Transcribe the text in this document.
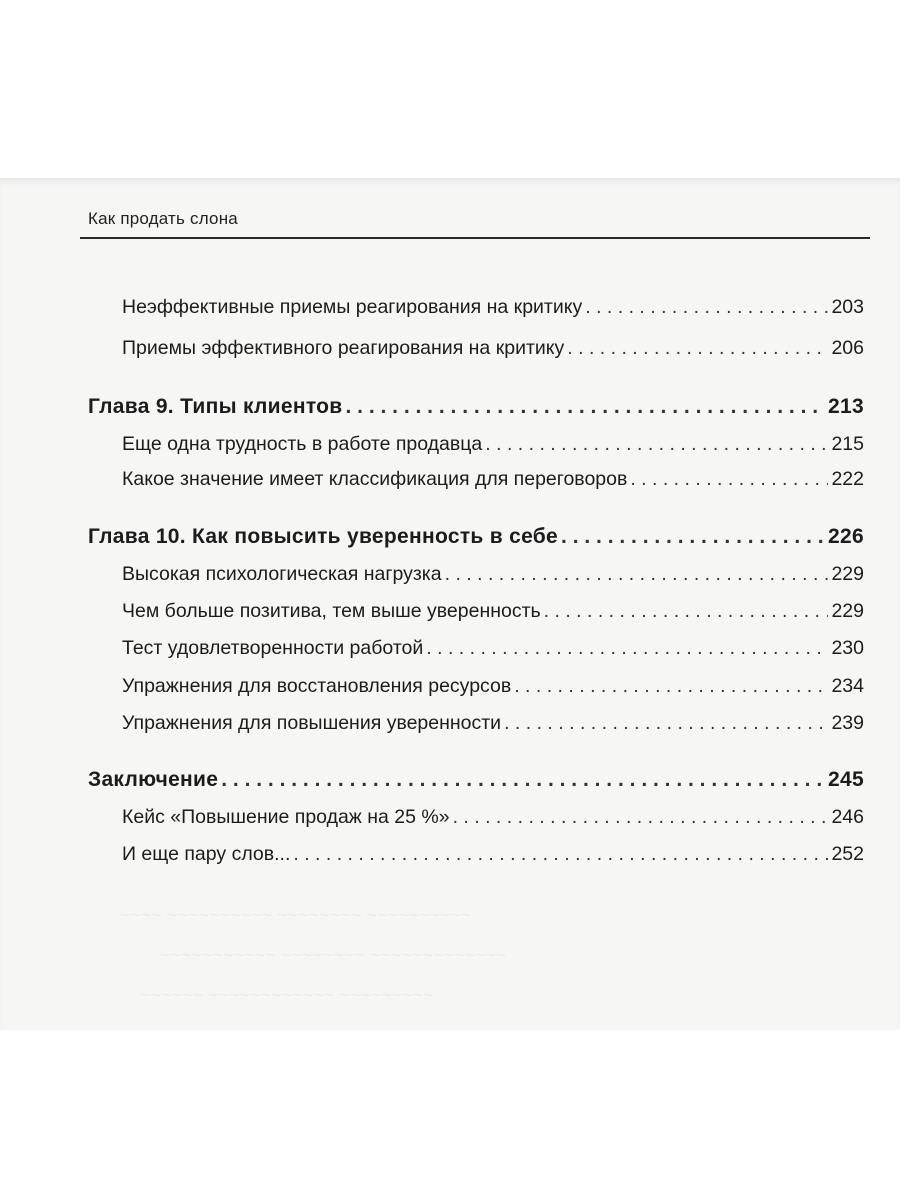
Как продать слона
Неэффективные приемы реагирования на критику . . .	203
Приемы эффективного реагирования на критику . . .	206
Глава 9. Типы клиентов . . .	213
Еще одна трудность в работе продавца . . .	215
Какое значение имеет классификация для переговоров . . .	222
Глава 10. Как повысить уверенность в себе . . .	226
Высокая психологическая нагрузка . . .	229
Чем больше позитива, тем выше уверенность . . .	229
Тест удовлетворенности работой . . .	230
Упражнения для восстановления ресурсов . . .	234
Упражнения для повышения уверенности . . .	239
Заключение . . .	245
Кейс «Повышение продаж на 25 %» . . .	246
И еще пару слов... . . .	252
